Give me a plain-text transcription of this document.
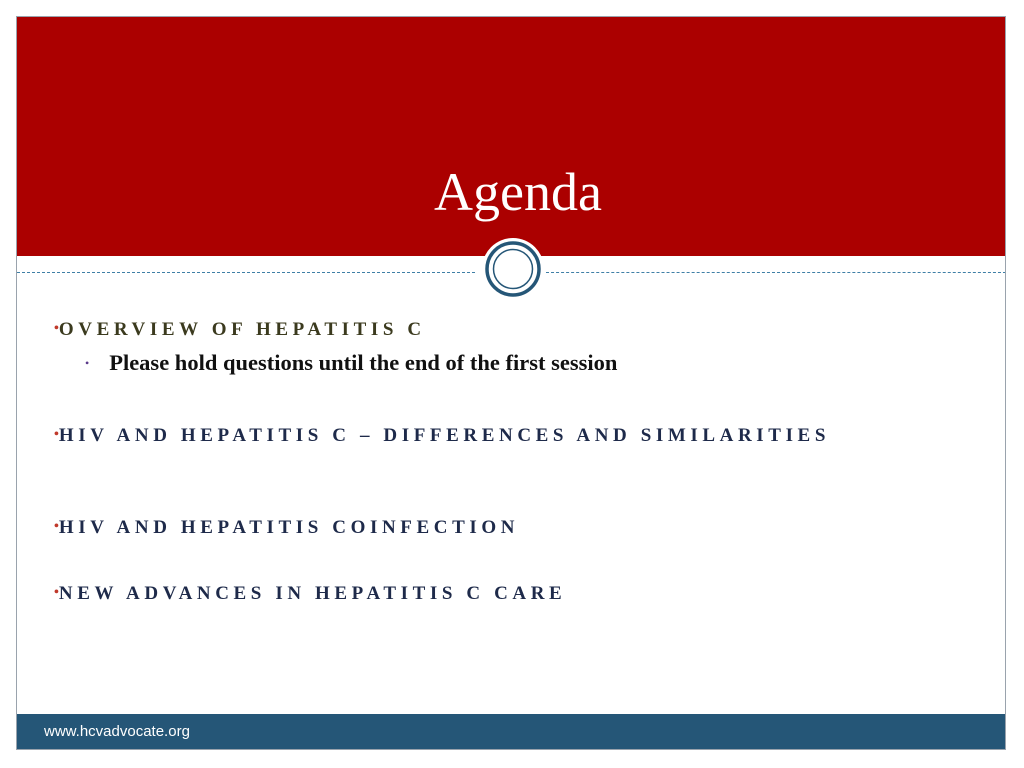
Agenda
•OVERVIEW OF HEPATITIS C
• Please hold questions until the end of the first session
•HIV AND HEPATITIS C – DIFFERENCES AND SIMILARITIES
•HIV AND HEPATITIS COINFECTION
•NEW ADVANCES IN HEPATITIS C CARE
www.hcvadvocate.org
